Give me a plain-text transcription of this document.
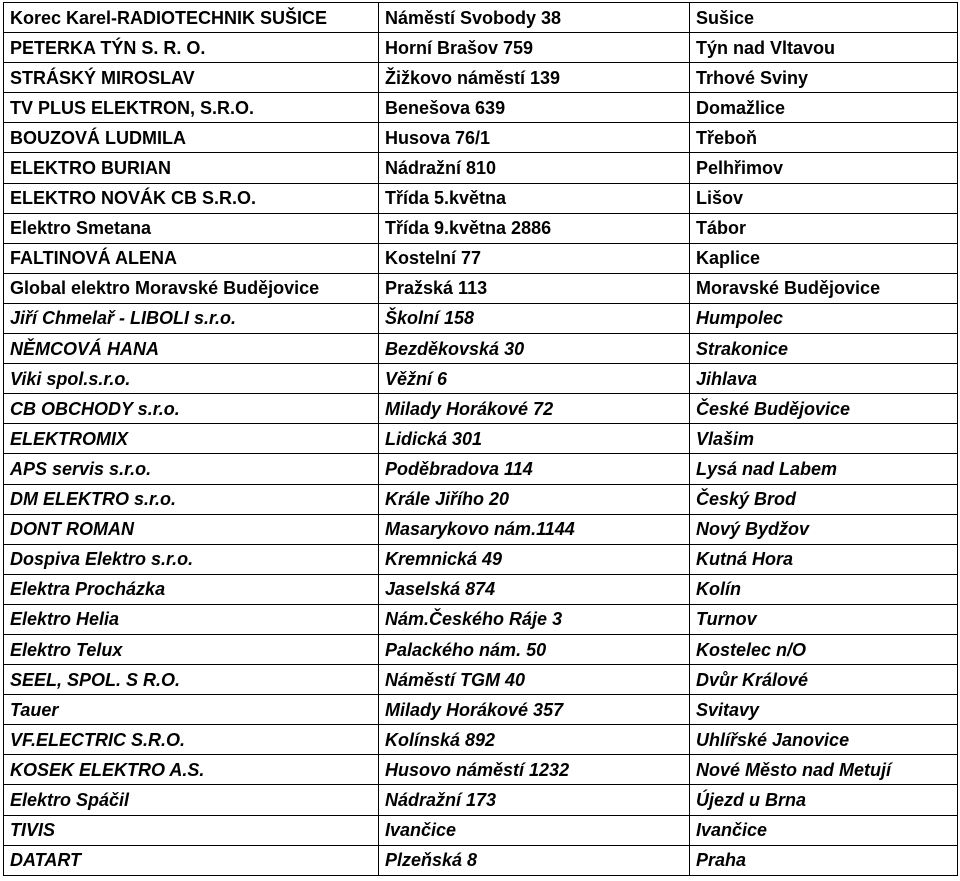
Korec Karel-RADIOTECHNIK SUŠICE	Náměstí Svobody 38	Sušice
PETERKA TÝN S. R. O.	Horní Brašov 759	Týn nad Vltavou
STRÁSKÝ MIROSLAV	Žižkovo náměstí 139	Trhové Sviny
TV PLUS ELEKTRON, S.R.O.	Benešova 639	Domažlice
BOUZOVÁ LUDMILA	Husova 76/1	Třeboň
ELEKTRO BURIAN	Nádražní 810	Pelhřimov
ELEKTRO NOVÁK CB S.R.O.	Třída 5.května	Lišov
Elektro Smetana	Třída 9.května 2886	Tábor
FALTINOVÁ ALENA	Kostelní 77	Kaplice
Global elektro Moravské Budějovice	Pražská 113	Moravské Budějovice
Jiří Chmelař - LIBOLI s.r.o.	Školní 158	Humpolec
NĚMCOVÁ HANA	Bezděkovská 30	Strakonice
Viki spol.s.r.o.	Věžní 6	Jihlava
CB OBCHODY s.r.o.	Milady Horákové 72	České Budějovice
ELEKTROMIX	Lidická 301	Vlašim
APS servis s.r.o.	Poděbradova 114	Lysá nad Labem
DM ELEKTRO s.r.o.	Krále Jiřího 20	Český Brod
DONT ROMAN	Masarykovo nám.1144	Nový Bydžov
Dospiva Elektro s.r.o.	Kremnická 49	Kutná Hora
Elektra Procházka	Jaselská 874	Kolín
Elektro Helia	Nám.Českého Ráje 3	Turnov
Elektro Telux	Palackého nám. 50	Kostelec n/O
SEEL, SPOL. S R.O.	Náměstí TGM 40	Dvůr Králové
Tauer	Milady Horákové 357	Svitavy
VF.ELECTRIC S.R.O.	Kolínská 892	Uhlířské Janovice
KOSEK ELEKTRO A.S.	Husovo náměstí 1232	Nové Město nad Metují
Elektro Spáčil	Nádražní 173	Újezd u Brna
TIVIS	Ivančice	Ivančice
DATART	Plzeňská 8	Praha
